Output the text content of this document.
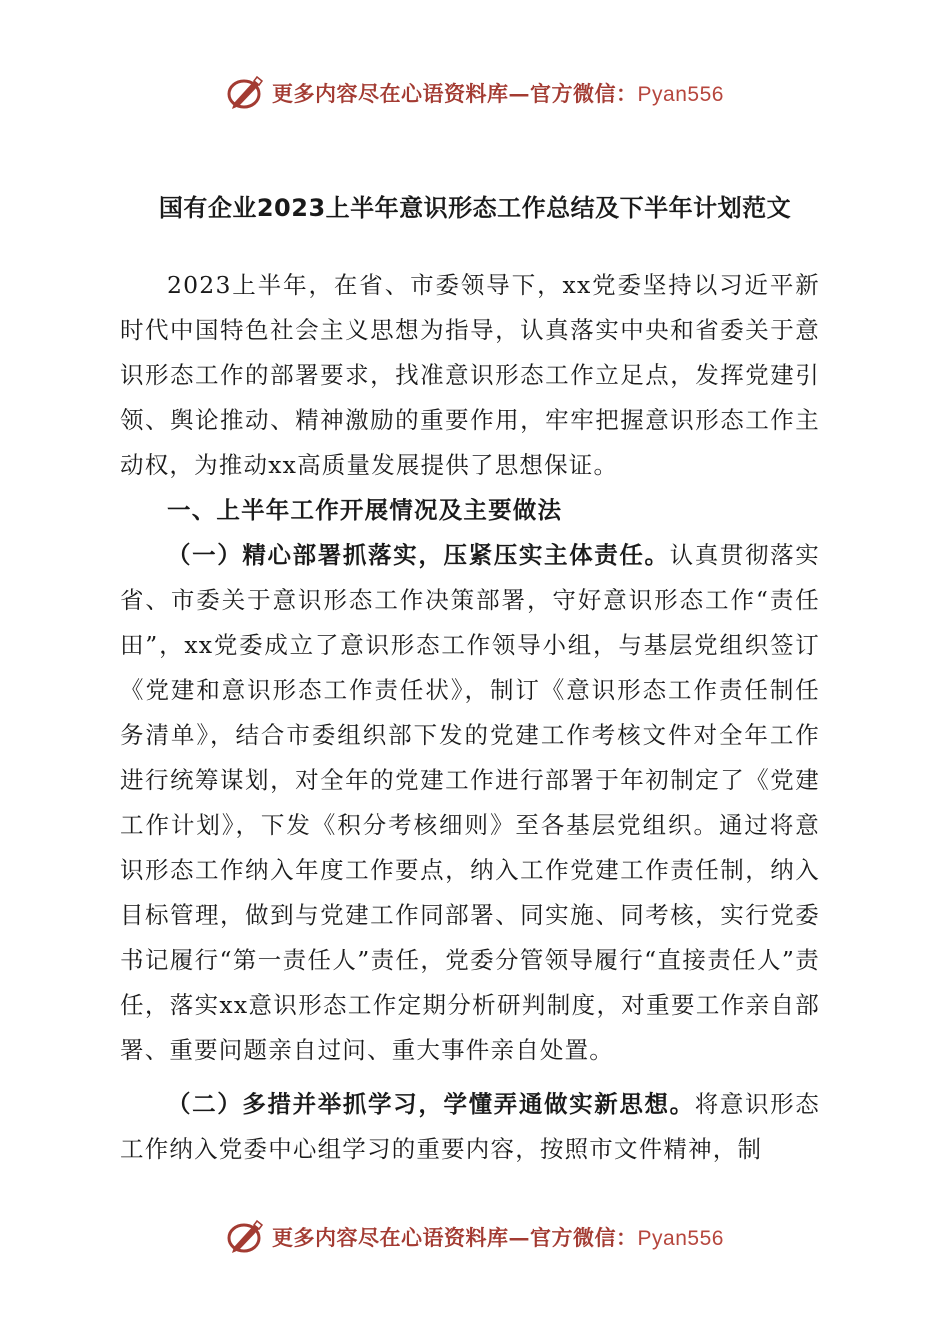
更多内容尽在心语资料库—官方微信：Pyan556
国有企业2023上半年意识形态工作总结及下半年计划范文

2023上半年，在省、市委领导下，xx党委坚持以习近平新时代中国特色社会主义思想为指导，认真落实中央和省委关于意识形态工作的部署要求，找准意识形态工作立足点，发挥党建引领、舆论推动、精神激励的重要作用，牢牢把握意识形态工作主动权，为推动xx高质量发展提供了思想保证。

一、上半年工作开展情况及主要做法

（一）精心部署抓落实，压紧压实主体责任。认真贯彻落实省、市委关于意识形态工作决策部署，守好意识形态工作“责任田”，xx党委成立了意识形态工作领导小组，与基层党组织签订《党建和意识形态工作责任状》，制订《意识形态工作责任制任务清单》，结合市委组织部下发的党建工作考核文件对全年工作进行统筹谋划，对全年的党建工作进行部署于年初制定了《党建工作计划》，下发《积分考核细则》至各基层党组织。通过将意识形态工作纳入年度工作要点，纳入工作党建工作责任制，纳入目标管理，做到与党建工作同部署、同实施、同考核，实行党委书记履行“第一责任人”责任，党委分管领导履行“直接责任人”责任，落实xx意识形态工作定期分析研判制度，对重要工作亲自部署、重要问题亲自过问、重大事件亲自处置。

（二）多措并举抓学习，学懂弄通做实新思想。将意识形态工作纳入党委中心组学习的重要内容，按照市文件精神，制

更多内容尽在心语资料库—官方微信：Pyan556
